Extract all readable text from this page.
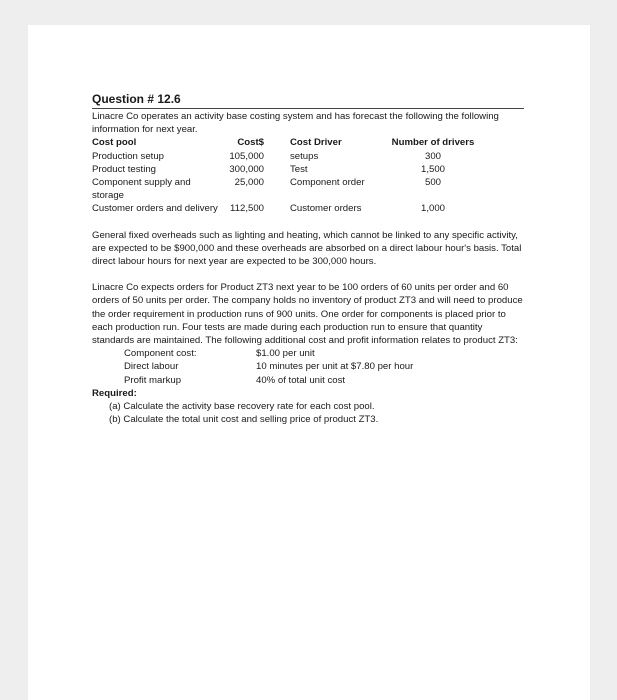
Question # 12.6

Linacre Co operates an activity base costing system and has forecast the following the following information for next year.

Cost pool	Cost$		Cost Driver	Number of drivers
Production setup	105,000		setups	300
Product testing	300,000		Test	1,500
Component supply and storage	25,000		Component order	500
Customer orders and delivery	112,500		Customer orders	1,000

General fixed overheads such as lighting and heating, which cannot be linked to any specific activity, are expected to be $900,000 and these overheads are absorbed on a direct labour hour's basis. Total direct labour hours for next year are expected to be 300,000 hours.

Linacre Co expects orders for Product ZT3 next year to be 100 orders of 60 units per order and 60 orders of 50 units per order. The company holds no inventory of product ZT3 and will need to produce the order requirement in production runs of 900 units. One order for components is placed prior to each production run. Four tests are made during each production run to ensure that quantity standards are maintained. The following additional cost and profit information relates to product ZT3:

Component cost:	$1.00 per unit
Direct labour	10 minutes per unit at $7.80 per hour
Profit markup	40% of total unit cost
Required:
(a) Calculate the activity base recovery rate for each cost pool.
(b) Calculate the total unit cost and selling price of product ZT3.
